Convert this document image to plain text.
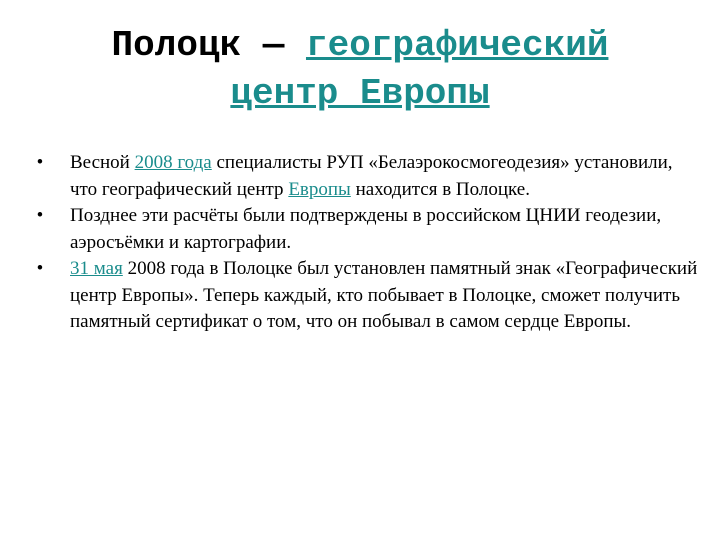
Полоцк — географический
центр Европы

•	Весной 2008 года специалисты РУП «Белаэрокосмогеодезия» установили, что географический центр Европы находится в Полоцке.

•	Позднее эти расчёты были подтверждены в российском ЦНИИ геодезии, аэросъёмки и картографии.

•	31 мая 2008 года в Полоцке был установлен памятный знак «Географический центр Европы». Теперь каждый, кто побывает в Полоцке, сможет получить памятный сертификат о том, что он побывал в самом сердце Европы.
